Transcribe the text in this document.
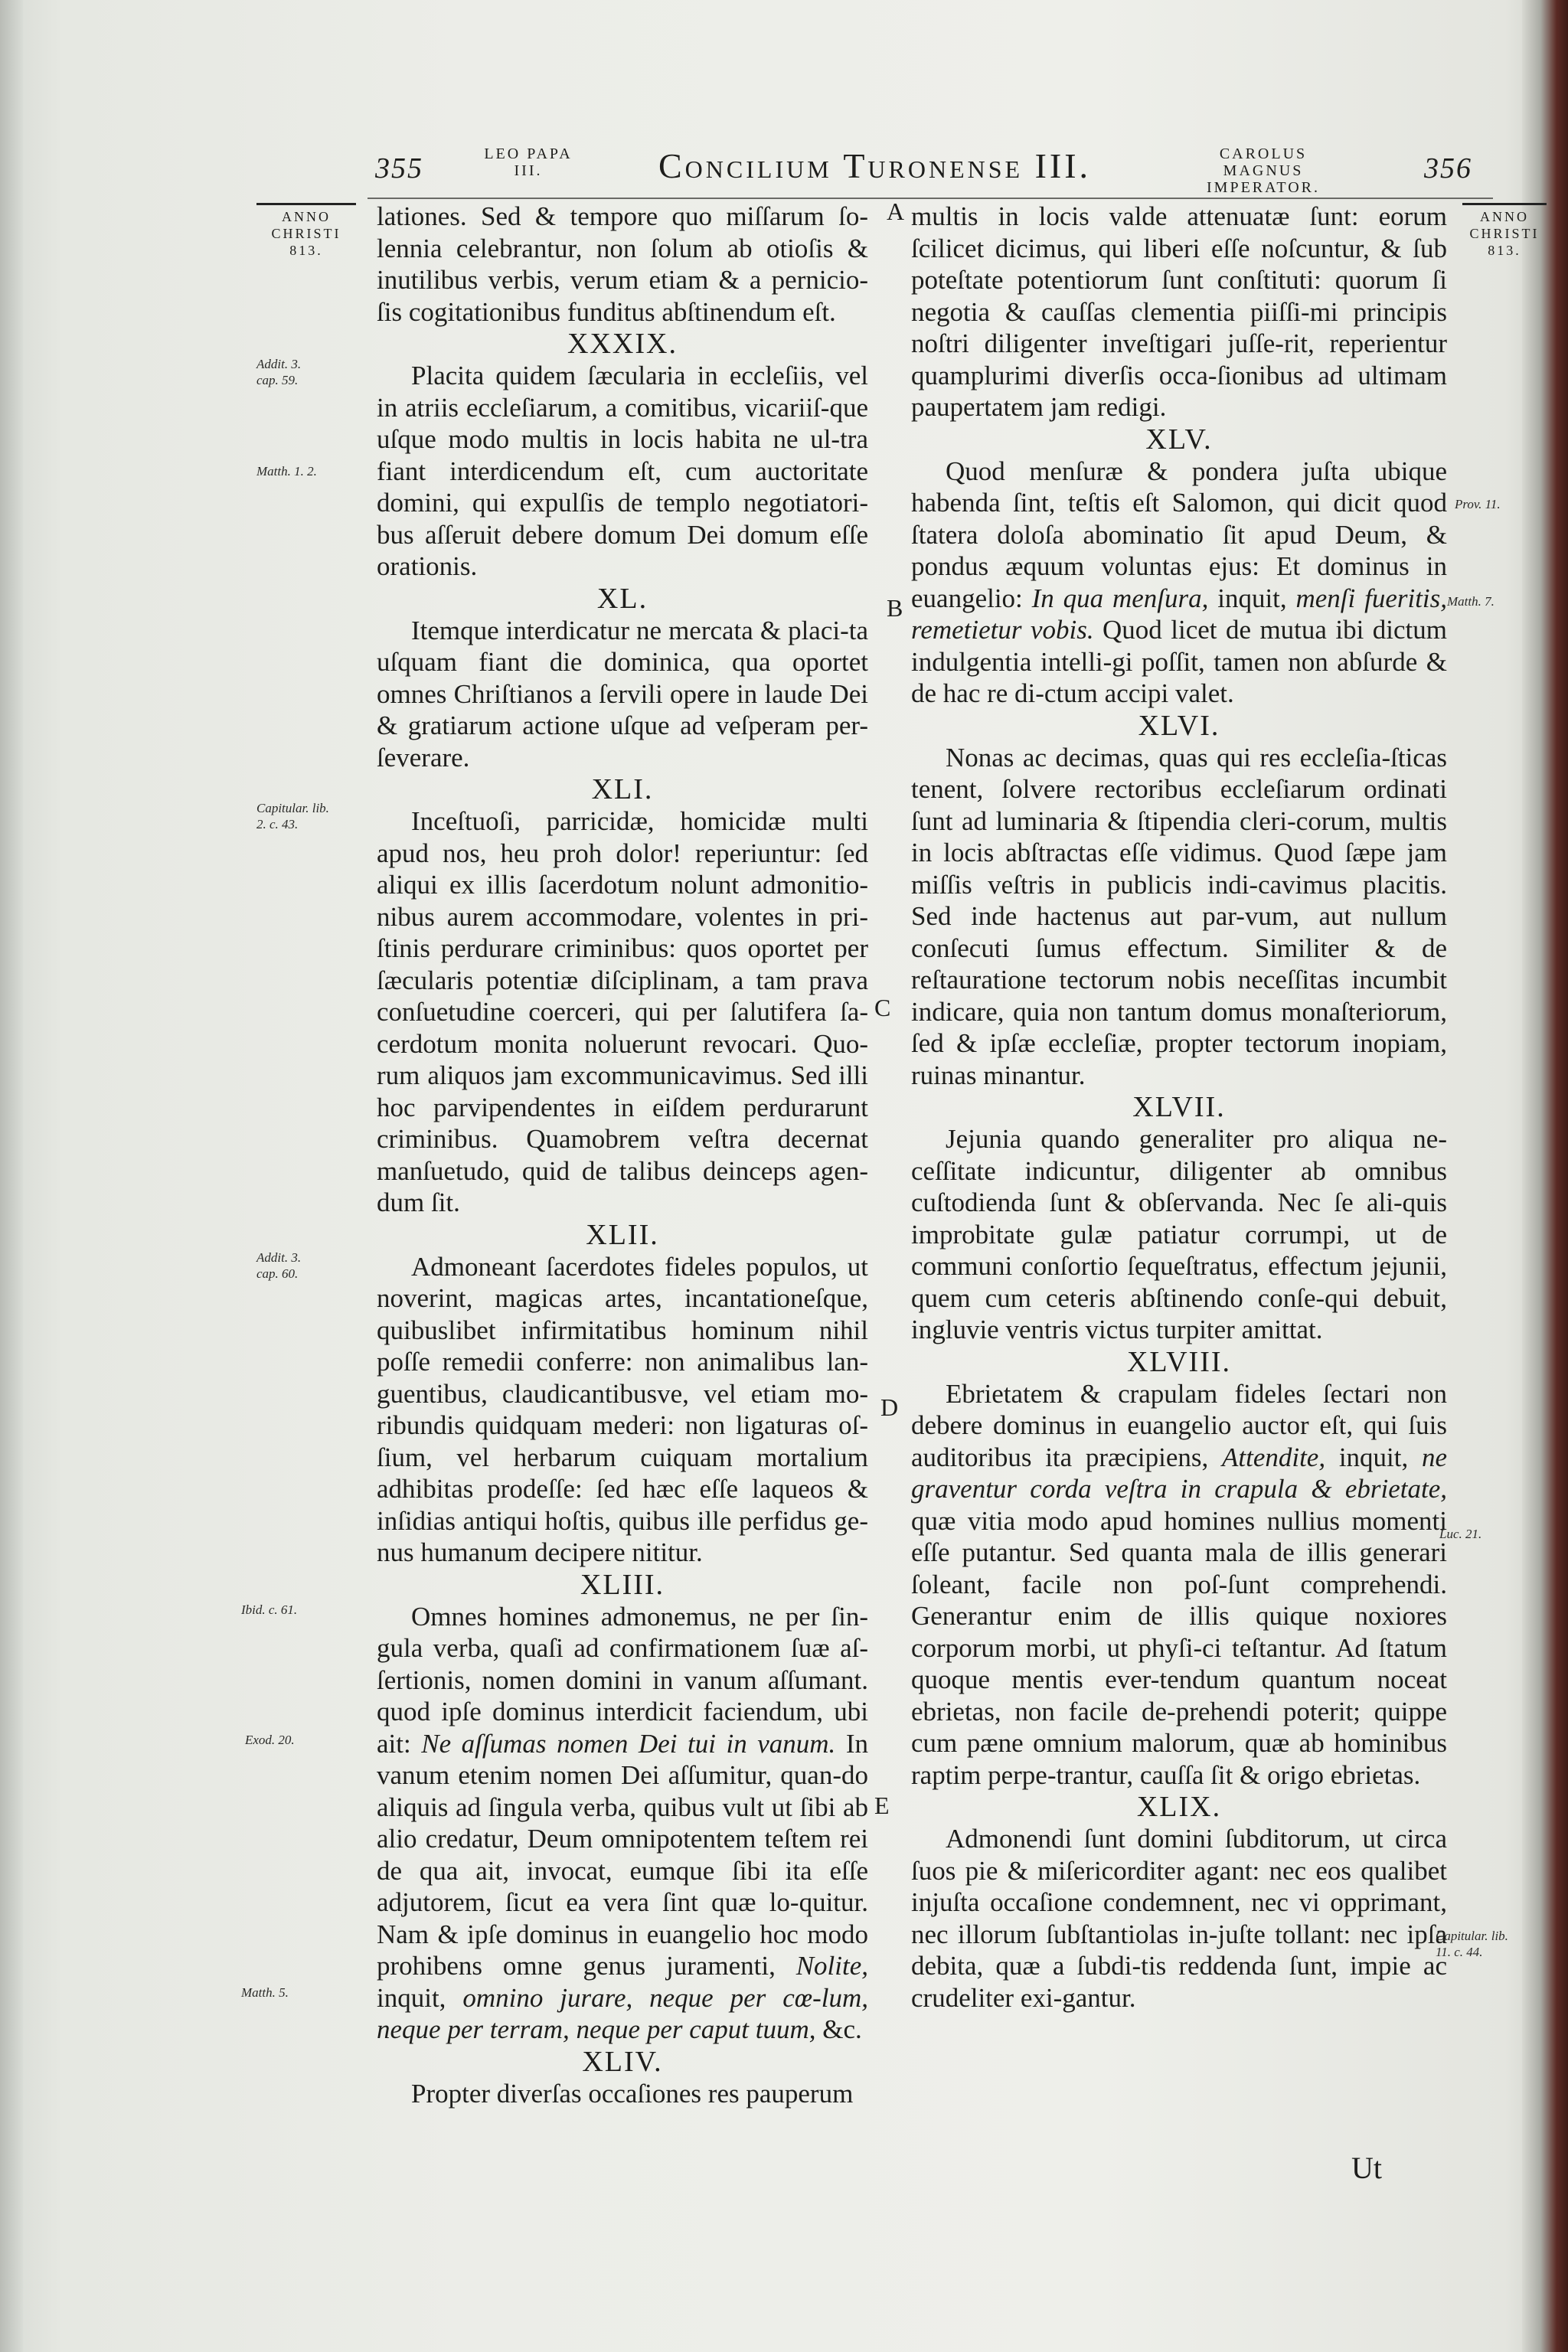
355	LEO PAPA
III.	Concilium Turonense III.	CAROLUS MAGNUS
IMPERATOR.
356
ANNO
CHRISTI
813.
ANNO
CHRISTI
813.
Addit. 3. cap. 59.
Matth. 1. 2.
Capitular. lib. 2. c. 43.
Addit. 3. cap. 60.
Ibid. c. 61.
Exod. 20.
Matth. 5.
Prov. 11.
Matth. 7.
Luc. 21.
Capitular. lib. 11. c. 44.
A
B
C
D
E

lationes. Sed & tempore quo miſſarum ſo-lennia celebrantur, non ſolum ab otioſis & inutilibus verbis, verum etiam & a pernicio-ſis cogitationibus funditus abſtinendum eſt.

XXXIX.

Placita quidem ſæcularia in eccleſiis, vel in atriis eccleſiarum, a comitibus, vicariiſ-que uſque modo multis in locis habita ne ul-tra fiant interdicendum eſt, cum auctoritate domini, qui expulſis de templo negotiatori-bus aſſeruit debere domum Dei domum eſſe orationis.

XL.

Itemque interdicatur ne mercata & placi-ta uſquam fiant die dominica, qua oportet omnes Chriſtianos a ſervili opere in laude Dei & gratiarum actione uſque ad veſperam per-ſeverare.

XLI.

Inceſtuoſi, parricidæ, homicidæ multi apud nos, heu proh dolor! reperiuntur: ſed aliqui ex illis ſacerdotum nolunt admonitio-nibus aurem accommodare, volentes in pri-ſtinis perdurare criminibus: quos oportet per ſæcularis potentiæ diſciplinam, a tam prava conſuetudine coerceri, qui per ſalutifera ſa-cerdotum monita noluerunt revocari. Quo-rum aliquos jam excommunicavimus. Sed illi hoc parvipendentes in eiſdem perdurarunt criminibus. Quamobrem veſtra decernat manſuetudo, quid de talibus deinceps agen-dum ſit.

XLII.

Admoneant ſacerdotes fideles populos, ut noverint, magicas artes, incantationeſque, quibuslibet infirmitatibus hominum nihil poſſe remedii conferre: non animalibus lan-guentibus, claudicantibusve, vel etiam mo-ribundis quidquam mederi: non ligaturas oſ-ſium, vel herbarum cuiquam mortalium adhibitas prodeſſe: ſed hæc eſſe laqueos & inſidias antiqui hoſtis, quibus ille perfidus ge-nus humanum decipere nititur.

XLIII.

Omnes homines admonemus, ne per ſin-gula verba, quaſi ad confirmationem ſuæ aſ-ſertionis, nomen domini in vanum aſſumant. quod ipſe dominus interdicit faciendum, ubi ait: Ne aſſumas nomen Dei tui in vanum. In vanum etenim nomen Dei aſſumitur, quan-do aliquis ad ſingula verba, quibus vult ut ſibi ab alio credatur, Deum omnipotentem teſtem rei de qua ait, invocat, eumque ſibi ita eſſe adjutorem, ſicut ea vera ſint quæ lo-quitur. Nam & ipſe dominus in euangelio hoc modo prohibens omne genus juramenti, Nolite, inquit, omnino jurare, neque per cœ-lum, neque per terram, neque per caput tuum, &c.

XLIV.

Propter diverſas occaſiones res pauperum

multis in locis valde attenuatæ ſunt: eorum ſcilicet dicimus, qui liberi eſſe noſcuntur, & ſub poteſtate potentiorum ſunt conſtituti: quorum ſi negotia & cauſſas clementia piiſſi-mi principis noſtri diligenter inveſtigari juſſe-rit, reperientur quamplurimi diverſis occa-ſionibus ad ultimam paupertatem jam redigi.

XLV.

Quod menſuræ & pondera juſta ubique habenda ſint, teſtis eſt Salomon, qui dicit quod ſtatera doloſa abominatio ſit apud Deum, & pondus æquum voluntas ejus: Et dominus in euangelio: In qua menſura, inquit, menſi fueritis, remetietur vobis. Quod licet de mutua ibi dictum indulgentia intelli-gi poſſit, tamen non abſurde & de hac re di-ctum accipi valet.

XLVI.

Nonas ac decimas, quas qui res eccleſia-ſticas tenent, ſolvere rectoribus eccleſiarum ordinati ſunt ad luminaria & ſtipendia cleri-corum, multis in locis abſtractas eſſe vidimus. Quod ſæpe jam miſſis veſtris in publicis indi-cavimus placitis. Sed inde hactenus aut par-vum, aut nullum conſecuti ſumus effectum. Similiter & de reſtauratione tectorum nobis neceſſitas incumbit indicare, quia non tantum domus monaſteriorum, ſed & ipſæ eccleſiæ, propter tectorum inopiam, ruinas minantur.

XLVII.

Jejunia quando generaliter pro aliqua ne-ceſſitate indicuntur, diligenter ab omnibus cuſtodienda ſunt & obſervanda. Nec ſe ali-quis improbitate gulæ patiatur corrumpi, ut de communi conſortio ſequeſtratus, effectum jejunii, quem cum ceteris abſtinendo conſe-qui debuit, ingluvie ventris victus turpiter amittat.

XLVIII.

Ebrietatem & crapulam fideles ſectari non debere dominus in euangelio auctor eſt, qui ſuis auditoribus ita præcipiens, Attendite, inquit, ne graventur corda veſtra in crapula & ebrietate, quæ vitia modo apud homines nullius momenti eſſe putantur. Sed quanta mala de illis generari ſoleant, facile non poſ-ſunt comprehendi. Generantur enim de illis quique noxiores corporum morbi, ut phyſi-ci teſtantur. Ad ſtatum quoque mentis ever-tendum quantum noceat ebrietas, non facile de-prehendi poterit; quippe cum pæne omnium malorum, quæ ab hominibus raptim perpe-trantur, cauſſa ſit & origo ebrietas.

XLIX.

Admonendi ſunt domini ſubditorum, ut circa ſuos pie & miſericorditer agant: nec eos qualibet injuſta occaſione condemnent, nec vi opprimant, nec illorum ſubſtantiolas in-juſte tollant: nec ipſa debita, quæ a ſubdi-tis reddenda ſunt, impie ac crudeliter exi-gantur.

Ut
